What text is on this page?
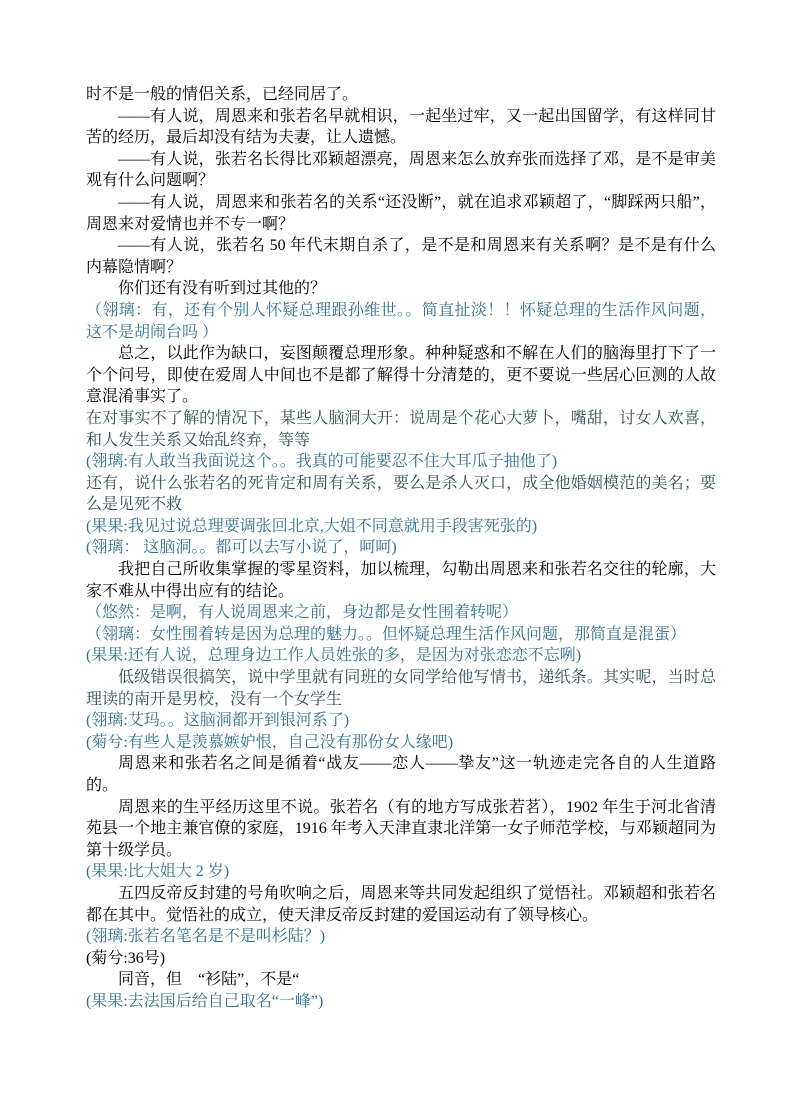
时不是一般的情侣关系，已经同居了。
——有人说，周恩来和张若名早就相识，一起坐过牢，又一起出国留学，有这样同甘苦的经历，最后却没有结为夫妻，让人遗憾。
——有人说，张若名长得比邓颖超漂亮，周恩来怎么放弃张而选择了邓，是不是审美观有什么问题啊？
——有人说，周恩来和张若名的关系“还没断”，就在追求邓颖超了，“脚踩两只船”，周恩来对爱情也并不专一啊？
——有人说，张若名 50 年代末期自杀了，是不是和周恩来有关系啊？是不是有什么内幕隐情啊？
你们还有没有听到过其他的？
（翎璃：有，还有个别人怀疑总理跟孙维世。。简直扯淡！！怀疑总理的生活作风问题，这不是胡闹台吗 ）
总之，以此作为缺口，妄图颠覆总理形象。种种疑惑和不解在人们的脑海里打下了一个个问号，即使在爱周人中间也不是都了解得十分清楚的，更不要说一些居心叵测的人故意混淆事实了。
在对事实不了解的情况下，某些人脑洞大开：说周是个花心大萝卜，嘴甜，讨女人欢喜，和人发生关系又始乱终弃，等等
(翎璃:有人敢当我面说这个。。我真的可能要忍不住大耳瓜子抽他了)
还有，说什么张若名的死肯定和周有关系，要么是杀人灭口，成全他婚姻模范的美名；要么是见死不救
(果果:我见过说总理要调张回北京,大姐不同意就用手段害死张的)
(翎璃： 这脑洞。。都可以去写小说了，呵呵)
我把自己所收集掌握的零星资料，加以梳理，勾勒出周恩来和张若名交往的轮廓，大家不难从中得出应有的结论。
（悠然：是啊，有人说周恩来之前，身边都是女性围着转呢）
（翎璃：女性围着转是因为总理的魅力。。但怀疑总理生活作风问题，那简直是混蛋）
(果果:还有人说，总理身边工作人员姓张的多，是因为对张恋恋不忘咧)
低级错误很搞笑，说中学里就有同班的女同学给他写情书，递纸条。其实呢，当时总理读的南开是男校，没有一个女学生
(翎璃:艾玛。。这脑洞都开到银河系了)
(菊兮:有些人是羡慕嫉妒恨，自己没有那份女人缘吧)
周恩来和张若名之间是循着“战友——恋人——挚友”这一轨迹走完各自的人生道路的。
周恩来的生平经历这里不说。张若名（有的地方写成张若茗），1902 年生于河北省清苑县一个地主兼官僚的家庭，1916 年考入天津直隶北洋第一女子师范学校，与邓颖超同为第十级学员。
(果果:比大姐大 2 岁)
五四反帝反封建的号角吹响之后，周恩来等共同发起组织了觉悟社。邓颖超和张若名都在其中。觉悟社的成立，使天津反帝反封建的爱国运动有了领导核心。
(翎璃:张若名笔名是不是叫杉陆？)
(菊兮:36号)
同音，但　“衫陆”，不是“
(果果:去法国后给自己取名“一峰”)
